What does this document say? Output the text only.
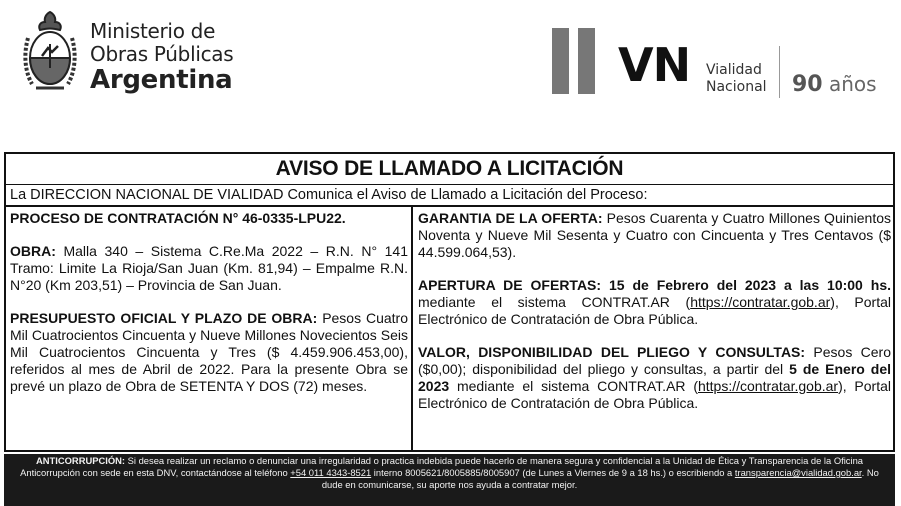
Ministerio de
Obras Públicas
Argentina	VN Vialidad
Nacional 90 años
AVISO DE LLAMADO A LICITACIÓN
La DIRECCION NACIONAL DE VIALIDAD Comunica el Aviso de Llamado a Licitación del Proceso:

PROCESO DE CONTRATACIÓN N° 46-0335-LPU22.

OBRA: Malla 340 – Sistema C.Re.Ma 2022 – R.N. N° 141 Tramo: Limite La Rioja/San Juan (Km. 81,94) – Empalme R.N. N°20 (Km 203,51) – Provincia de San Juan.

PRESUPUESTO OFICIAL Y PLAZO DE OBRA: Pesos Cuatro Mil Cuatrocientos Cincuenta y Nueve Millones Novecientos Seis Mil Cuatrocientos Cincuenta y Tres ($ 4.459.906.453,00), referidos al mes de Abril de 2022. Para la presente Obra se prevé un plazo de Obra de SETENTA Y DOS (72) meses.

GARANTIA DE LA OFERTA: Pesos Cuarenta y Cuatro Millones Quinientos Noventa y Nueve Mil Sesenta y Cuatro con Cincuenta y Tres Centavos ($ 44.599.064,53).

APERTURA DE OFERTAS: 15 de Febrero del 2023 a las 10:00 hs. mediante el sistema CONTRAT.AR (https://contratar.gob.ar), Portal Electrónico de Contratación de Obra Pública.

VALOR, DISPONIBILIDAD DEL PLIEGO Y CONSULTAS: Pesos Cero ($0,00); disponibilidad del pliego y consultas, a partir del 5 de Enero del 2023 mediante el sistema CONTRAT.AR (https://contratar.gob.ar), Portal Electrónico de Contratación de Obra Pública.

ANTICORRUPCIÓN: Si desea realizar un reclamo o denunciar una irregularidad o practica indebida puede hacerlo de manera segura y confidencial a la Unidad de Ética y Transparencia de la Oficina Anticorrupción con sede en esta DNV, contactándose al teléfono +54 011 4343-8521 interno 8005621/8005885/8005907 (de Lunes a Viernes de 9 a 18 hs.) o escribiendo a transparencia@vialidad.gob.ar. No dude en comunicarse, su aporte nos ayuda a contratar mejor.
